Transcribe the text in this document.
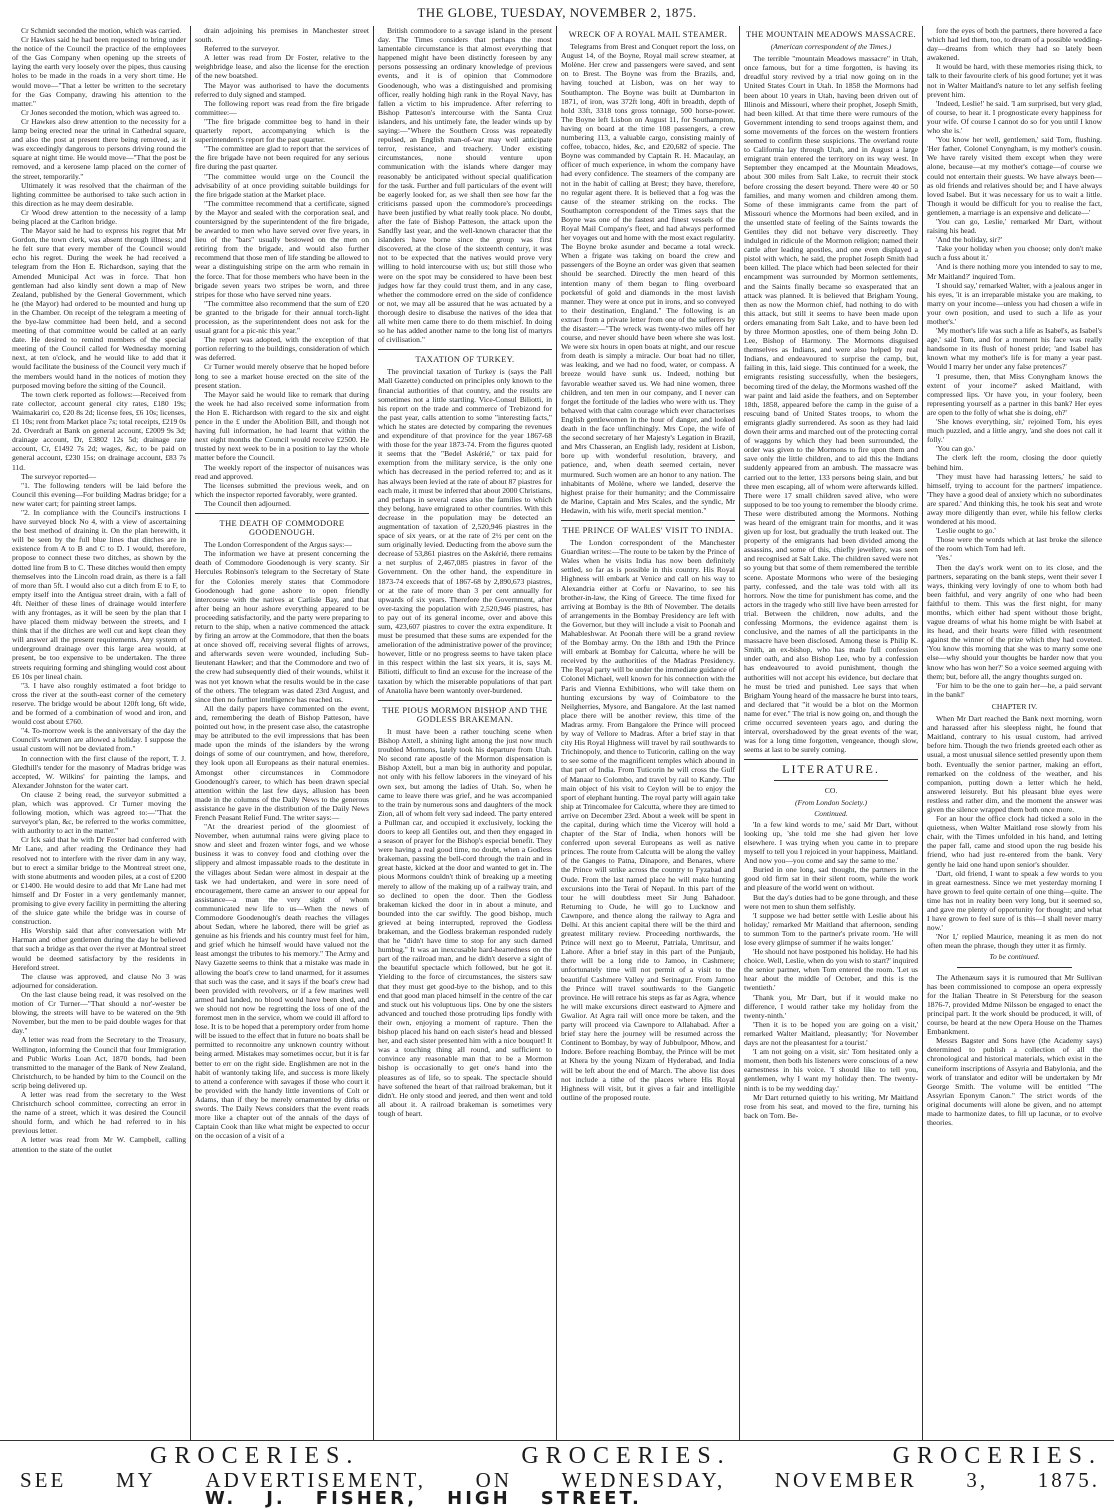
THE GLOBE, TUESDAY, NOVEMBER 2, 1875.

Cr Schmidt seconded the motion, which was carried.

Cr Hawkes said he had been requested to bring under the notice of the Council the practice of the employees of the Gas Company when opening up the streets of laying the earth very loosely over the pipes, thus causing holes to be made in the roads in a very short time. He would move—"That a letter be written to the secretary for the Gas Company, drawing his attention to the matter."

Cr Jones seconded the motion, which was agreed to.

Cr Hawkes also drew attention to the necessity for a lamp being erected near the urinal in Cathedral square, and also the post at present there being removed, as it was exceedingly dangerous to persons driving round the square at night time. He would move—"That the post be removed, and a kerosene lamp placed on the corner of the street, temporarily."

Ultimately it was resolved that the chairman of the lighting committee be authorised to take such action in this direction as he may deem desirable.

Cr Wood drew attention to the necessity of a lamp being placed at the Carlton bridge.

The Mayor said he had to express his regret that Mr Gordon, the town clerk, was absent through illness; and he felt sure that every member of the Council would echo his regret. During the week he had received a telegram from the Hon E. Richardson, saying that the Amended Municipal Act was in force. That hon gentleman had also kindly sent down a map of New Zealand, published by the General Government, which he (the Mayor) had ordered to be mounted and hung up in the Chamber. On receipt of the telegram a meeting of the bye-law committee had been held, and a second meeting of that committee would be called at an early date. He desired to remind members of the special meeting of the Council called for Wednesday morning next, at ten o'clock, and he would like to add that it would facilitate the business of the Council very much if the members would hand in the notices of motion they purposed moving before the sitting of the Council.

The town clerk reported as follows:—Received from rate collector, account general city rates, £180 19s; Waimakariri co, £20 8s 2d; license fees, £6 10s; licenses, £1 10s; rent from Market place 7s; total receipts, £219 0s 2d. Overdraft at Bank on general account, £2009 9s 3d; drainage account, Dr, £3802 12s 5d; drainage rate account, Cr, £1492 7s 2d; wages, &c, to be paid on general account, £230 15s; on drainage account, £83 7s 11d.

The surveyor reported—

"1. The following tenders will be laid before the Council this evening—For building Madras bridge; for a new water cart; for painting street lamps.

"2. In compliance with the Council's instructions I have surveyed block No 4, with a view of ascertaining the best method of draining it. On the plan herewith, it will be seen by the full blue lines that ditches are in existence from A to B and C to D. I would, therefore, propose to connect these two ditches, as shown by the dotted line from B to C. These ditches would then empty themselves into the Lincoln road drain, as there is a fall of more than 5ft. I would also cut a ditch from E to F, to empty itself into the Antigua street drain, with a fall of 4ft. Neither of these lines of drainage would interfere with any frontages, as it will be seen by the plan that I have placed them midway between the streets, and I think that if the ditches are well cut and kept clean they will answer all the present requirements. Any system of underground drainage over this large area would, at present, be too expensive to be undertaken. The three streets requiring forming and shingling would cost about £6 10s per lineal chain.

"3. I have also roughly estimated a foot bridge to cross the river at the south-east corner of the cemetery reserve. The bridge would be about 120ft long, 6ft wide, and be formed of a combination of wood and iron, and would cost about £760.

"4. To-morrow week is the anniversary of the day the Council's workmen are allowed a holiday. I suppose the usual custom will not be deviated from."

In connection with the first clause of the report, T. J. Gledhill's tender for the masonry of Madras bridge was accepted, W. Wilkins' for painting the lamps, and Alexander Johnston for the water cart.

On clause 2 being read, the surveyor submitted a plan, which was approved. Cr Turner moving the following motion, which was agreed to:—"That the surveyor's plan, &c, be referred to the works committee, with authority to act in the matter."

Cr Ick said that he with Dr Foster had conferred with Mr Lane, and after reading the Ordinance they had resolved not to interfere with the river dam in any way, but to erect a similar bridge to the Montreal street one, with stone abutments and wooden piles, at a cost of £200 or £1400. He would desire to add that Mr Lane had met himself and Dr Foster in a very gentlemanly manner, promising to give every facility in permitting the altering of the sluice gate while the bridge was in course of construction.

His Worship said that after conversation with Mr Harman and other gentlemen during the day he believed that such a bridge as that over the river at Montreal street would be deemed satisfactory by the residents in Hereford street.

The clause was approved, and clause No 3 was adjourned for consideration.

On the last clause being read, it was resolved on the motion of Cr Turner—"That should a nor'-wester be blowing, the streets will have to be watered on the 9th November, but the men to be paid double wages for that day."

A letter was read from the Secretary to the Treasury, Wellington, informing the Council that four Immigration and Public Works Loan Act, 1870 bonds, had been transmitted to the manager of the Bank of New Zealand, Christchurch, to be handed by him to the Council on the scrip being delivered up.

A letter was read from the secretary to the West Christchurch school committee, correcting an error in the name of a street, which it was desired the Council should form, and which he had referred to in his previous letter.

A letter was read from Mr W. Campbell, calling attention to the state of the outlet

drain adjoining his premises in Manchester street south.

Referred to the surveyor.

A letter was read from Dr Foster, relative to the weighbridge lease, and also the license for the erection of the new boatshed.

The Mayor was authorised to have the documents referred to duly signed and stamped.

The following report was read from the fire brigade committee:—

"The fire brigade committee beg to hand in their quarterly report, accompanying which is the superintendent's report for the past quarter.

"The committee are glad to report that the services of the fire brigade have not been required for any serious fire during the past quarter.

"The committee would urge on the Council the advisability of at once providing suitable buildings for the fire brigade station at the Market place.

"The committee recommend that a certificate, signed by the Mayor and sealed with the corporation seal, and countersigned by the superintendent of the fire brigade, be awarded to men who have served over five years, in lieu of the "bars" usually bestowed on the men on retiring from the brigade, and would also further recommend that those men of life standing be allowed to wear a distinguishing stripe on the arm who remain in the force. That for those members who have been in the brigade seven years two stripes be worn, and three stripes for those who have served nine years.

"The committee also recommend that the sum of £20 be granted to the brigade for their annual torch-light procession, as the superintendent does not ask for the usual grant for a pic-nic this year."

The report was adopted, with the exception of that portion referring to the buildings, consideration of which was deferred.

Cr Turner would merely observe that he hoped before long to see a market house erected on the site of the present station.

The Mayor said he would like to remark that during the week he had also received some information from the Hon E. Richardson with regard to the six and eight pence in the £ under the Abolition Bill, and though not having full information, he had learnt that within the next eight months the Council would receive £2500. He trusted by next week to be in a position to lay the whole matter before the Council.

The weekly report of the inspector of nuisances was read and approved.

The licenses submitted the previous week, and on which the inspector reported favorably, were granted.

The Council then adjourned.

THE DEATH OF COMMODORE GOODENOUGH.

The London Correspondent of the Argus says:—

The information we have at present concerning the death of Commodore Goodenough is very scanty. Sir Hercules Robinson's telegram to the Secretary of State for the Colonies merely states that Commodore Goodenough had gone ashore to open friendly intercourse with the natives at Carlisle Bay, and that after being an hour ashore everything appeared to be proceeding satisfactorily, and the party were preparing to return to the ship, when a native commenced the attack by firing an arrow at the Commodore, that then the boats at once shoved off, receiving several flights of arrows, and afterwards seven were wounded, including Sub-lieutenant Hawker; and that the Commodore and two of the crew had subsequently died of their wounds, whilst it was not yet known what the results would be in the case of the others. The telegram was dated 23rd August, and since then no further intelligence has reached us.

All the daily papers have commented on the event, and, remembering the death of Bishop Patteson, have pointed out how, in the present case also, the catastrophe may be attributed to the evil impressions that has been made upon the minds of the islanders by the wrong doings of some of our countrymen, and how, therefore, they look upon all Europeans as their natural enemies. Amongst other circumstances in Commodore Goodenough's career, to which has been drawn special attention within the last few days, allusion has been made in the columns of the Daily News to the generous assistance he gave in the distribution of the Daily News French Peasant Relief Fund. The writer says:—

"At the dreariest period of the gloomiest of November, when autumnal rains were giving place to snow and sleet and frozen winter fogs, and we whose business it was to convey food and clothing over the slippery and almost impassable roads to the destitute in the villages about Sedan were almost in despair at the task we had undertaken, and were in sore need of encouragement, there came an answer to our appeal for assistance—a man the very sight of whom communicated new life to us—When the news of Commodore Goodenough's death reaches the villages about Sedan, where he labored, there will be grief as genuine as his friends and his country must feel for him, and grief which he himself would have valued not the least amongst the tributes to his memory." The Army and Navy Gazette seems to think that a mistake was made in allowing the boat's crew to land unarmed, for it assumes that such was the case, and it says if the boat's crew had been provided with revolvers, or if a few marines well armed had landed, no blood would have been shed, and we should not now be regretting the loss of one of the foremost men in the service, whom we could ill afford to lose. It is to be hoped that a peremptory order from home will be issued to the effect that in future no boats shall be permitted to reconnoitre any unknown country without being armed. Mistakes may sometimes occur, but it is far better to err on the right side. Englishmen are not in the habit of wantonly taking life, and success is more likely to attend a conference with savages if those who court it be provided with the handy little inventions of Colt or Adams, than if they be merely ornamented by dirks or swords. The Daily News considers that the event reads more like a chapter out of the annals of the days of Captain Cook than like what might be expected to occur on the occasion of a visit of a

British commodore to a savage island in the present day. The Times considers that perhaps the most lamentable circumstance is that almost everything that happened might have been distinctly foreseen by any persons possessing an ordinary knowledge of previous events, and it is of opinion that Commodore Goodenough, who was a distinguished and promising officer, really holding high rank in the Royal Navy, has fallen a victim to his imprudence. After referring to Bishop Patteson's intercourse with the Santa Cruz islanders, and his untimely fate, the leader winds up by saying:—"Where the Southern Cross was repeatedly repulsed, an English man-of-war may well anticipate terror, resistance, and treachery. Under existing circumstances, none should venture upon communication with the islands where danger may reasonably be anticipated without special qualification for the task. Further and full particulars of the event will be eagerly looked for, as we shall then see how far the criticisms passed upon the commodore's proceedings have been justified by what really took place. No doubt, after the fate of Bishop Patteson, the attack upon the Sandfly last year, and the well-known character that the islanders have borne since the group was first discovered, at the close of the sixteenth century, it was not to be expected that the natives would prove very willing to hold intercourse with us; but still those who were on the spot may be considered to have been best judges how far they could trust them, and in any case, whether the commodore erred on the side of confidence or not, we may all be assured that he was actuated by a thorough desire to disabuse the natives of the idea that all white men came there to do them mischief. In doing so he has added another name to the long list of martyrs of civilisation."

TAXATION OF TURKEY.

The provincial taxation of Turkey is (says the Pall Mall Gazette) conducted on principles only known to the financial authorities of that country, and the results are sometimes not a little startling. Vice-Consul Biliotti, in his report on the trade and commerce of Trebizond for the past year, calls attention to some "interesting facts," which he states are detected by comparing the revenues and expenditure of that province for the year 1867-68 with those for the year 1873-74. From the figures quoted it seems that the "Bedel Askérié," or tax paid for exemption from the military service, is the only one which has decreased in the period referred to; and as it has always been levied at the rate of about 87 piastres for each male, it must be inferred that about 2000 Christians, and perhaps in several cases also the families to which they belong, have emigrated to other countries. With this decrease in the population may be detected an augmentation of taxation of 2,520,946 piastres in the space of six years, or at the rate of 2½ per cent on the sum originally levied. Deducting from the above sum the decrease of 53,861 piastres on the Askérié, there remains a net surplus of 2,467,085 piastres in favor of the Government. On the other hand, the expenditure in 1873-74 exceeds that of 1867-68 by 2,890,673 piastres, or at the rate of more than 3 per cent annually for upwards of six years. Therefore the Government, after over-taxing the population with 2,520,946 piastres, has to pay out of its general income, over and above this sum, 423,607 piastres to cover the extra expenditure. It must be presumed that these sums are expended for the amelioration of the administrative power of the province; however, little or no progress seems to have taken place in this respect within the last six years, it is, says M. Biliotti, difficult to find an excuse for the increase of the taxation by which the miserable populations of that part of Anatolia have been wantonly over-burdened.

THE PIOUS MORMON BISHOP AND THE GODLESS BRAKEMAN.

It must have been a rather touching scene when Bishop Axtell, a shining light among the just now much troubled Mormons, lately took his departure from Utah. No second rate apostle of the Mormon dispensation is Bishop Axtell, but a man big in authority and popular, not only with his fellow laborers in the vineyard of his own sex, but among the ladies of Utah. So, when he came to leave there was grief, and he was accompanied to the train by numerous sons and daughters of the mock Zion, all of whom felt very sad indeed. The party entered a Pullman car, and occupied it exclusively, locking the doors to keep all Gentiles out, and then they engaged in a season of prayer for the Bishop's especial benefit. They were having a real good time, no doubt, when a Godless brakeman, passing the bell-cord through the train and in great haste, kicked at the door and wanted to get in. The pious Mormons couldn't think of breaking up a meeting merely to allow of the making up of a railway train, and so declined to open the door. Then the Godless brakeman kicked the door in in about a minute, and bounded into the car swiftly. The good bishop, much grieved at being interrupted, reproved the Godless brakeman, and the Godless brakeman responded rudely that he "didn't have time to stop for any such darned humbug." It was an inexcusable hard-heartedness on the part of the railroad man, and he didn't deserve a sight of the beautiful spectacle which followed, but he got it. Yielding to the force of circumstances, the sisters saw that they must get good-bye to the bishop, and to this end that good man placed himself in the centre of the car and stuck out his voluptuous lips. One by one the sisters advanced and touched those protruding lips fondly with their own, enjoying a moment of rapture. Then the bishop placed his hand on each sister's head and blessed her, and each sister presented him with a nice bouquet! It was a touching thing all round, and sufficient to convince any reasonable man that to be a Mormon bishop is occasionally to get one's hand into the pleasures as of life, so to speak. The spectacle should have softened the heart of that railroad brakeman, but it didn't. He only stood and jeered, and then went and told all about it. A railroad brakeman is sometimes very tough of heart.

WRECK OF A ROYAL MAIL STEAMER.

Telegrams from Brest and Conquet report the loss, on August 14, of the Boyne, Royal mail screw steamer, at Molène. Her crew and passengers were saved, and sent on to Brest. The Boyne was from the Brazils, and, having touched at Lisbon, was on her way to Southampton. The Boyne was built at Dumbarton in 1871, of iron, was 372ft long, 40ft in breadth, depth of hold 33ft, 3318 tons gross tonnage, 500 horse-power. The Boyne left Lisbon on August 11, for Southampton, having on board at the time 108 passengers, a crew numbering 113, a valuable cargo, consisting mainly of coffee, tobacco, hides, &c, and £20,682 of specie. The Boyne was commanded by Captain R. H. Macaulay, an officer of much experience, in whom the company have had every confidence. The steamers of the company are not in the habit of calling at Brest; they have, therefore, no regular agent there. It is believed that a fog was the cause of the steamer striking on the rocks. The Southampton correspondent of the Times says that the Boyne was one of the fastest and finest vessels of the Royal Mail Company's fleet, and had always performed her voyages out and home with the most exact regularity. The Boyne broke asunder and became a total wreck. When a frigate was taking on board the crew and passengers of the Boyne an order was given that seamen should be searched. Directly the men heard of this intention many of them began to fling overboard pocketsful of gold and diamonds in the most lavish manner. They were at once put in irons, and so conveyed to their destination, England." The following is an extract from a private letter from one of the sufferers by the disaster:—"The wreck was twenty-two miles off her course, and never should have been where she was lost. We were six hours in open boats at night, and our rescue from death is simply a miracle. Our boat had no tiller, was leaking, and we had no food, water, or compass. A breeze would have sunk us. Indeed, nothing but favorable weather saved us. We had nine women, three children, and ten men in our company, and I never can forget the fortitude of the ladies who were with us. They behaved with that calm courage which ever characterises English gentlewomen in the hour of danger, and looked death in the face unflinchingly. Mrs Cope, the wife of the second secretary of her Majesty's Legation in Brazil, and Mrs Chasseran, an English lady, resident at Lisbon, bore up with wonderful resolution, bravery, and patience, and, when death seemed certain, never murmured. Such women are an honor to any nation. The inhabitants of Molène, where we landed, deserve the highest praise for their humanity; and the Commissaire de Marine, Captain and Mrs Scales, and the syndic, Mr Hedawin, with his wife, merit special mention."

THE PRINCE OF WALES' VISIT TO INDIA.

The London correspondent of the Manchester Guardian writes:—The route to be taken by the Prince of Wales when he visits India has now been definitely settled, so far as is possible in this country. His Royal Highness will embark at Venice and call on his way to Alexandria either at Corfu or Navarino, to see his brother-in-law, the King of Greece. The time fixed for arriving at Bombay is the 8th of November. The details of arrangements in the Bombay Presidency are left with the Governor, but they will include a visit to Poonah and Mahableshwar. At Poonah there will be a grand review of the Bombay army. On the 18th and 19th the Prince will embark at Bombay for Calcutta, where he will be received by the authorities of the Madras Presidency. The Royal party will be under the immediate guidance of Colonel Michael, well known for his connection with the Paris and Vienna Exhibitions, who will take them on hunting excursions by way of Coimbatore to the Neilgherries, Mysore, and Bangalore. At the last named place there will be another review, this time of the Madras army. From Bangalore the Prince will proceed by way of Vellore to Madras. After a brief stay in that city His Royal Highness will travel by rail southwards to Trichinopoly, and thence to Tuticorin, calling on the way to see some of the magnificent temples which abound in that part of India. From Tuticorin he will cross the Gulf of Manaar to Colombo, and travel by rail to Kandy. The main object of his visit to Ceylon will be to enjoy the sport of elephant hunting. The royal party will again take ship at Trincomalee for Calcutta, where they are timed to arrive on December 23rd. About a week will be spent in the capital, during which time the Viceroy will hold a chapter of the Star of India, when honors will be conferred upon several Europeans as well as native princes. The route from Calcutta will be along the valley of the Ganges to Patna, Dinapore, and Benares, where the Prince will strike across the country to Fyzabad and Oude. From the last named place he will make hunting excursions into the Terai of Nepaul. In this part of the tour he will doubtless meet Sir Jung Bahadoor. Returning to Oude, he will go to Lucknow and Cawnpore, and thence along the railway to Agra and Delhi. At this ancient capital there will be the third and greatest military review. Proceeding northwards, the Prince will next go to Meerut, Patriala, Umritsur, and Lahore. After a brief stay in this part of the Punjaub, there will be a long ride to Jamoo, in Cashmere; unfortunately time will not permit of a visit to the beautiful Cashmere Valley and Serinagur. From Jamoo the Prince will travel southwards to the Gangetic province. He will retrace his steps as far as Agra, whence he will make excursions direct eastward to Ajmere and Gwalior. At Agra rail will once more be taken, and the party will proceed via Cawnpore to Allahabad. After a brief stay here the journey will be resumed across the Continent to Bombay, by way of Jubbulpoor, Mhow, and Indore. Before reaching Bombay, the Prince will be met at Khera by the young Nizam of Hyderabad, and India will be left about the end of March. The above list does not include a tithe of the places where His Royal Highness will visit, but it gives a fair and intelligible outline of the proposed route.

THE MOUNTAIN MEADOWS MASSACRE.
(American correspondent of the Times.)

The terrible "mountain Meadows massacre" in Utah, once famous, but for a time forgotten, is having its dreadful story revived by a trial now going on in the United States Court in Utah. In 1858 the Mormons had been about 10 years in Utah, having been driven out of Illinois and Missouri, where their prophet, Joseph Smith, had been killed. At that time there were rumours of the Government intending to send troops against them, and some movements of the forces on the western frontiers seemed to confirm these suspicions. The overland route to California lay through Utah, and in August a large emigrant train entered the territory on its way west. In September they encamped at the Mountain Meadows, about 300 miles from Salt Lake, to recruit their stock before crossing the desert beyond. There were 40 or 50 families, and many women and children among them. Some of these immigrants came from the part of Missouri whence the Mormons had been exiled, and in the unsettled state of feeling of the Saints towards the Gentiles they did not behave very discreetly. They indulged in ridicule of the Mormon religion; named their cattle after leading apostles, and one even displayed a pistol with which, he said, the prophet Joseph Smith had been killed. The place which had been selected for their encampment was surrounded by Mormon settlements, and the Saints finally became so exasperated that an attack was planned. It is believed that Brigham Young, then as now the Mormon chief, had nothing to do with this attack, but still it seems to have been made upon orders emanating from Salt Lake, and to have been led by three Mormon apostles, one of them being John D. Lee, Bishop of Harmony. The Mormons disguised themselves as Indians, and were also helped by real Indians, and endeavoured to surprise the camp, but, failing in this, laid siege. This continued for a week, the emigrants resisting successfully, when the besiegers, becoming tired of the delay, the Mormons washed off the war paint and laid aside the feathers, and on September 18th, 1858, appeared before the camp in the guise of a rescuing band of United States troops, to whom the emigrants gladly surrendered. As soon as they had laid down their arms and marched out of the protecting corral of waggons by which they had been surrounded, the order was given to the Mormons to fire upon them and save only the little children, and to aid this the Indians suddenly appeared from an ambush. The massacre was carried out to the letter, 133 persons being slain, and but three men escaping, all of whom were afterwards killed. There were 17 small children saved alive, who were supposed to be too young to remember the bloody crime. These were distributed among the Mormons. Nothing was heard of the emigrant train for months, and it was given up for lost, but gradually the truth leaked out. The property of the emigrants had been divided among the assassins, and some of this, chiefly jewellery, was seen and recognised at Salt Lake. The children saved were not so young but that some of them remembered the terrible scene. Apostate Mormons who were of the besieging party, confessed, and the tale was told with all its horrors. Now the time for punishment has come, and the actors in the tragedy who still live have been arrested for trial. Between the children, now adults, and the confessing Mormons, the evidence against them is conclusive, and the names of all the participants in the massacre have been disclosed. Among these is Philip K. Smith, an ex-bishop, who has made full confession under oath, and also Bishop Lee, who by a confession has endeavoured to avoid punishment, though the authorities will not accept his evidence, but declare that he must be tried and punished. Lee says that when Brigham Young heard of the massacre he burst into tears, and declared that "it would be a blot on the Mormon name for ever." The trial is now going on, and though the crime occurred seventeen years ago, and during the interval, overshadowed by the great events of the war, was for a long time forgotten, vengeance, though slow, seems at last to be surely coming.

LITERATURE.
CO.
(From London Society.)
Continued.

'In a few kind words to me,' said Mr Dart, without looking up, 'she told me she had given her love elsewhere. I was trying when you came in to prepare myself to tell you I rejoiced in your happiness, Maitland. And now you—you come and say the same to me.'

Buried in one long, sad thought, the partners in the good old firm sat in their silent room, while the work and pleasure of the world went on without.

But the day's duties had to be gone through, and these were not men to shun them selfishly.

'I suppose we had better settle with Leslie about his holiday,' remarked Mr Maitland that afternoon, sending to summon Tom to the partner's private room. 'He will lose every glimpse of summer if he waits longer.'

'He should not have postponed his holiday. He had his choice. Well, Leslie, when do you wish to start?' inquired the senior partner, when Tom entered the room. 'Let us hear about the middle of October, and this is the twentieth.'

'Thank you, Mr Dart, but if it would make no difference, I would rather take my holiday from the twenty-ninth.'

'Then it is to be hoped you are going on a visit,' remarked Walter Maitland, pleasantly; 'for November days are not the pleasantest for a tourist.'

'I am not going on a visit, sir.' Tom hesitated only a moment, then both his listeners were conscious of a new earnestness in his voice. 'I should like to tell you, gentlemen, why I want my holiday then. The twenty-ninth is to be my wedding day.'

Mr Dart returned quietly to his writing, Mr Maitland rose from his seat, and moved to the fire, turning his back on Tom. Be-

fore the eyes of both the partners, there hovered a face which had led them, too, to dream of a possible wedding-day—dreams from which they had so lately been awakened.

It would be hard, with these memories rising thick, to talk to their favourite clerk of his good fortune; yet it was not in Walter Maitland's nature to let any selfish feeling prevent him.

'Indeed, Leslie!' he said. 'I am surprised, but very glad, of course, to hear it. I prognosticate every happiness for your wife. Of course I cannot do so for you until I know who she is.'

'You know her well, gentlemen,' said Tom, flushing. 'Her father, Colonel Conyngham, is my mother's cousin. We have rarely visited them except when they were alone, because—at my mother's cottage—of course we could not entertain their guests. We have always been—as old friends and relatives should be; and I have always loved Isabel. But it was necessary for us to wait a little. Though it would be difficult for you to realise the fact, gentlemen, a marriage is an expensive and delicate—'

'You can go, Leslie,' remarked Mr Dart, without raising his head.

'And the holiday, sir?'

'Take your holiday when you choose; only don't make such a fuss about it.'

'And is there nothing more you intended to say to me, Mr Maitland?' inquired Tom.

'I should say,' remarked Walter, with a jealous anger in his eyes, 'it is an irreparable mistake you are making, to marry on your income—unless you had chosen a wife in your own position, and used to such a life as your mother's.'

'My mother's life was such a life as Isabel's, as Isabel's age,' said Tom, and for a moment his face was really handsome in its flush of honest pride; 'and Isabel has known what my mother's life is for many a year past. Would I marry her under any false pretences?'

'I presume, then, that Miss Conyngham knows the extent of your income?' asked Maitland, with compressed lips. 'Or have you, in your foolery, been representing yourself as a partner in this bank? Her eyes are open to the folly of what she is doing, eh?'

'She knows everything, sir,' rejoined Tom, his eyes much puzzled, and a little angry, 'and she does not call it folly.'

'You can go.'

The clerk left the room, closing the door quietly behind him.

'They must have had harassing letters,' he said to himself, trying to account for the partners' impatience. 'They have a good deal of anxiety which no subordinates are spared.' And thinking this, he took his seat and wrote away more diligently than ever, while his fellow clerks wondered at his mood.

'Leslie ought to go.'

Those were the words which at last broke the silence of the room which Tom had left.

'Yes.'

Then the day's work went on to its close, and the partners, separating on the bank steps, went their sever I ways, thinking very lovingly of one to whom both had been faithful, and very angrily of one who had been faithful to them. This was the first night, for many months, which either had spent without those bright, vague dreams of what his home might be with Isabel at its head, and their hearts were filled with resentment against the winner of the prize which they had coveted. 'You know this morning that she was to marry some one else—why should your thoughts be harder now that you know who has won her?' So a voice seemed arguing with them; but, before all, the angry thoughts surged on.

'For him to be the one to gain her—he, a paid servant in the bank!'

CHAPTER IV.

When Mr Dart reached the Bank next morning, worn and harassed after his sleepless night, he found that Maitland, contrary to his usual custom, had arrived before him. Though the two friends greeted each other as usual, a most unusual silence settled presently upon them both. Eventually the senior partner, making an effort, remarked on the coldness of the weather, and his companion, putting down a letter which he held, answered leisurely. But his pleasant blue eyes were restless and rather dim, and the moment the answer was given the silence wrapped them both once more.

For an hour the office clock had ticked a solo in the quietness, when Walter Maitland rose slowly from his chair, with the Times unfolded in his hand, and letting the paper fall, came and stood upon the rug beside his friend, who had just re-entered from the bank. Very gently he laid one hand upon senior's shoulder.

'Dart, old friend, I want to speak a few words to you in great earnestness. Since we met yesterday morning I have grown to feel quite certain of one thing—quite. The time has not in reality been very long, but it seemed so, and gave me plenty of opportunity for thought; and what I have grown to feel sure of is this—I shall never marry now.'

'Nor I,' replied Maurice, meaning it as men do not often mean the phrase, though they utter it as firmly.

To be continued.

The Athenæum says it is rumoured that Mr Sullivan has been commissioned to compose an opera expressly for the Italian Theatre in St Petersburg for the season 1876-7, provided Mdme Nilsson be engaged to enact the principal part. It the work should be produced, it will, of course, be heard at the new Opera House on the Thames Embankment.

Messrs Bagster and Sons have (the Academy says) determined to publish a collection of all the chronological and historical materials, which exist in the cuneiform inscriptions of Assyria and Babylonia, and the work of translator and editor will be undertaken by Mr George Smith. The volume will be entitled "The Assyrian Eponym Canon." The strict words of the original documents will alone be given, and no attempt made to harmonize dates, to fill up lacunæ, or to evolve theories.

GROCERIES.	GROCERIES.	GROCERIES.
SEE MY ADVERTISEMENT, ON WEDNESDAY, NOVEMBER 3, 1875.
W. J. FISHER, HIGH STREET.
